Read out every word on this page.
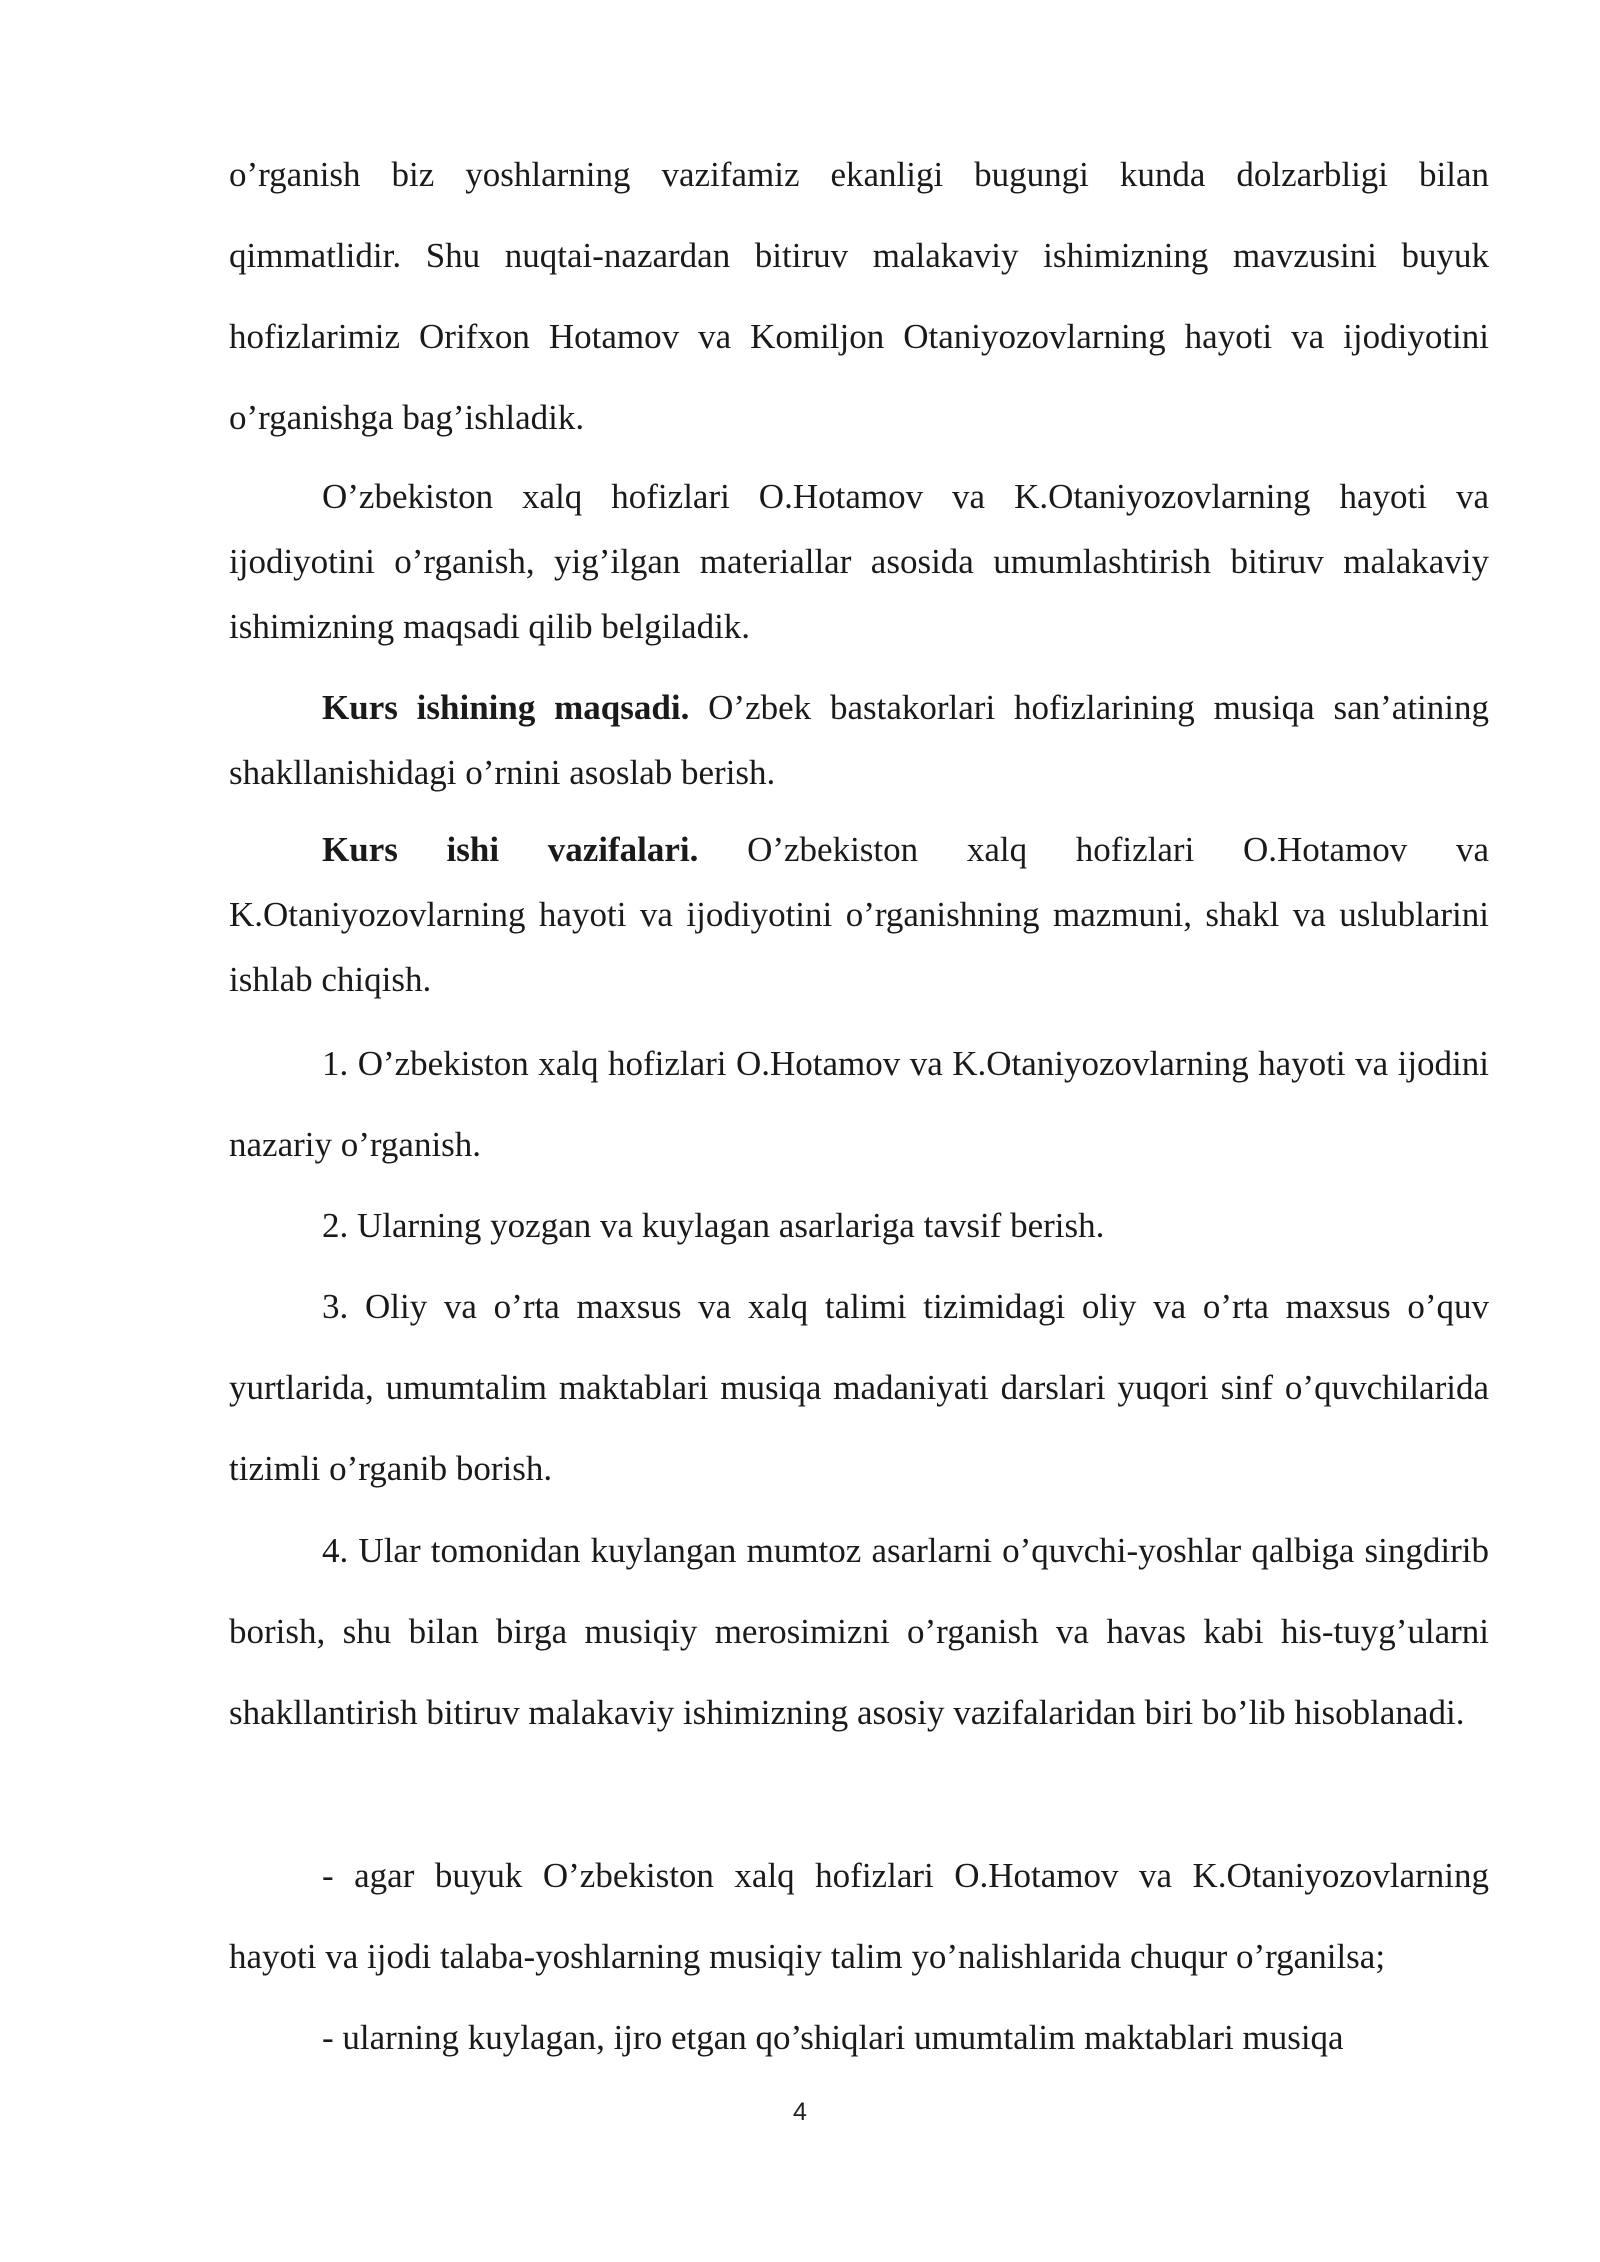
o’rganish biz yoshlarning vazifamiz ekanligi bugungi kunda dolzarbligi bilan qimmatlidir. Shu nuqtai-nazardan bitiruv malakaviy ishimizning mavzusini buyuk hofizlarimiz Orifxon Hotamov va Komiljon Otaniyozovlarning hayoti va ijodiyotini o’rganishga bag’ishladik.

O’zbekiston xalq hofizlari O.Hotamov va K.Otaniyozovlarning hayoti va ijodiyotini o’rganish, yig’ilgan materiallar asosida umumlashtirish bitiruv malakaviy ishimizning maqsadi qilib belgiladik.

Kurs ishining maqsadi. O’zbek bastakorlari hofizlarining musiqa san’atining shakllanishidagi o’rnini asoslab berish.

Kurs ishi vazifalari. O’zbekiston xalq hofizlari O.Hotamov va K.Otaniyozovlarning hayoti va ijodiyotini o’rganishning mazmuni, shakl va uslublarini ishlab chiqish.

1. O’zbekiston xalq hofizlari O.Hotamov va K.Otaniyozovlarning hayoti va ijodini nazariy o’rganish.

2. Ularning yozgan va kuylagan asarlariga tavsif berish.

3. Oliy va o’rta maxsus va xalq talimi tizimidagi oliy va o’rta maxsus o’quv yurtlarida, umumtalim maktablari musiqa madaniyati darslari yuqori sinf o’quvchilarida tizimli o’rganib borish.

4. Ular tomonidan kuylangan mumtoz asarlarni o’quvchi-yoshlar qalbiga singdirib borish, shu bilan birga musiqiy merosimizni o’rganish va havas kabi his-tuyg’ularni shakllantirish bitiruv malakaviy ishimizning asosiy vazifalaridan biri bo’lib hisoblanadi.

- agar buyuk O’zbekiston xalq hofizlari O.Hotamov va K.Otaniyozovlarning hayoti va ijodi talaba-yoshlarning musiqiy talim yo’nalishlarida chuqur o’rganilsa;

- ularning kuylagan, ijro etgan qo’shiqlari umumtalim maktablari musiqa

4
